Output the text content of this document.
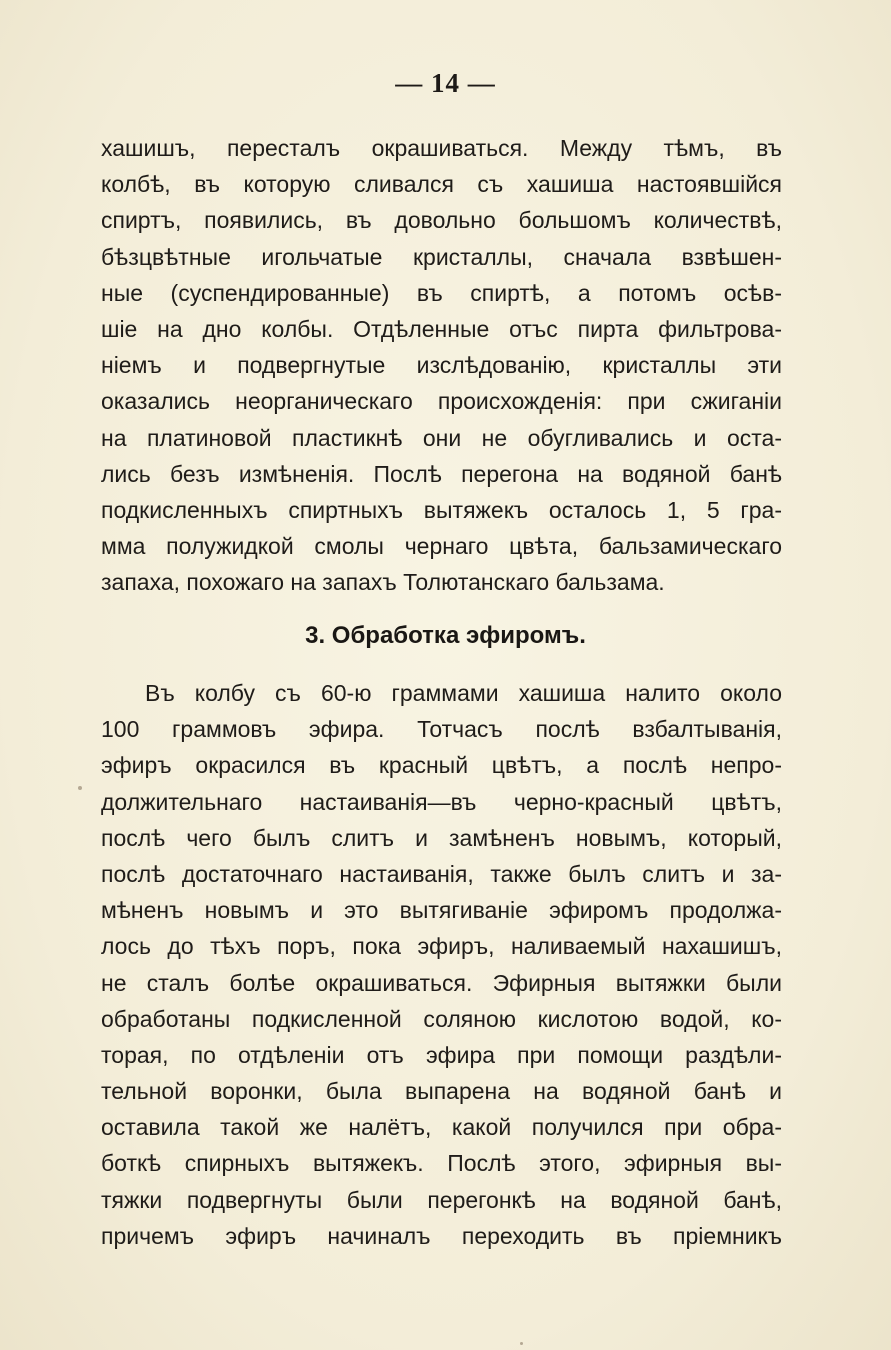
— 14 —
хашишъ, пересталъ окрашиваться. Между тѣмъ, въ
колбѣ, въ которую сливался съ хашиша настоявшійся
спиртъ, появились, въ довольно большомъ количествѣ,
бѣзцвѣтные игольчатые кристаллы, сначала взвѣшен-
ные (суспендированные) въ спиртѣ, а потомъ осѣв-
шіе на дно колбы. Отдѣленные отъс пирта фильтрова-
ніемъ и подвергнутые изслѣдованію, кристаллы эти
оказались неорганическаго происхожденія: при сжиганіи
на платиновой пластикнѣ они не обугливались и оста-
лись безъ измѣненія. Послѣ перегона на водяной банѣ
подкисленныхъ спиртныхъ вытяжекъ осталось 1, 5 гра-
мма полужидкой смолы чернаго цвѣта, бальзамическаго
запаха, похожаго на запахъ Толютанскаго бальзама.
3. Обработка эфиромъ.
Въ колбу съ 60-ю граммами хашиша налито около
100 граммовъ эфира. Тотчасъ послѣ взбалтыванія,
эфиръ окрасился въ красный цвѣтъ, а послѣ непро-
должительнаго настаиванія—въ черно-красный цвѣтъ,
послѣ чего былъ слитъ и замѣненъ новымъ, который,
послѣ достаточнаго настаиванія, также былъ слитъ и за-
мѣненъ новымъ и это вытягиваніе эфиромъ продолжа-
лось до тѣхъ поръ, пока эфиръ, наливаемый нахашишъ,
не сталъ болѣе окрашиваться. Эфирныя вытяжки были
обработаны подкисленной соляною кислотою водой, ко-
торая, по отдѣленіи отъ эфира при помощи раздѣли-
тельной воронки, была выпарена на водяной банѣ и
оставила такой же налётъ, какой получился при обра-
боткѣ спирныхъ вытяжекъ. Послѣ этого, эфирныя вы-
тяжки подвергнуты были перегонкѣ на водяной банѣ,
причемъ эфиръ начиналъ переходить въ пріемникъ
